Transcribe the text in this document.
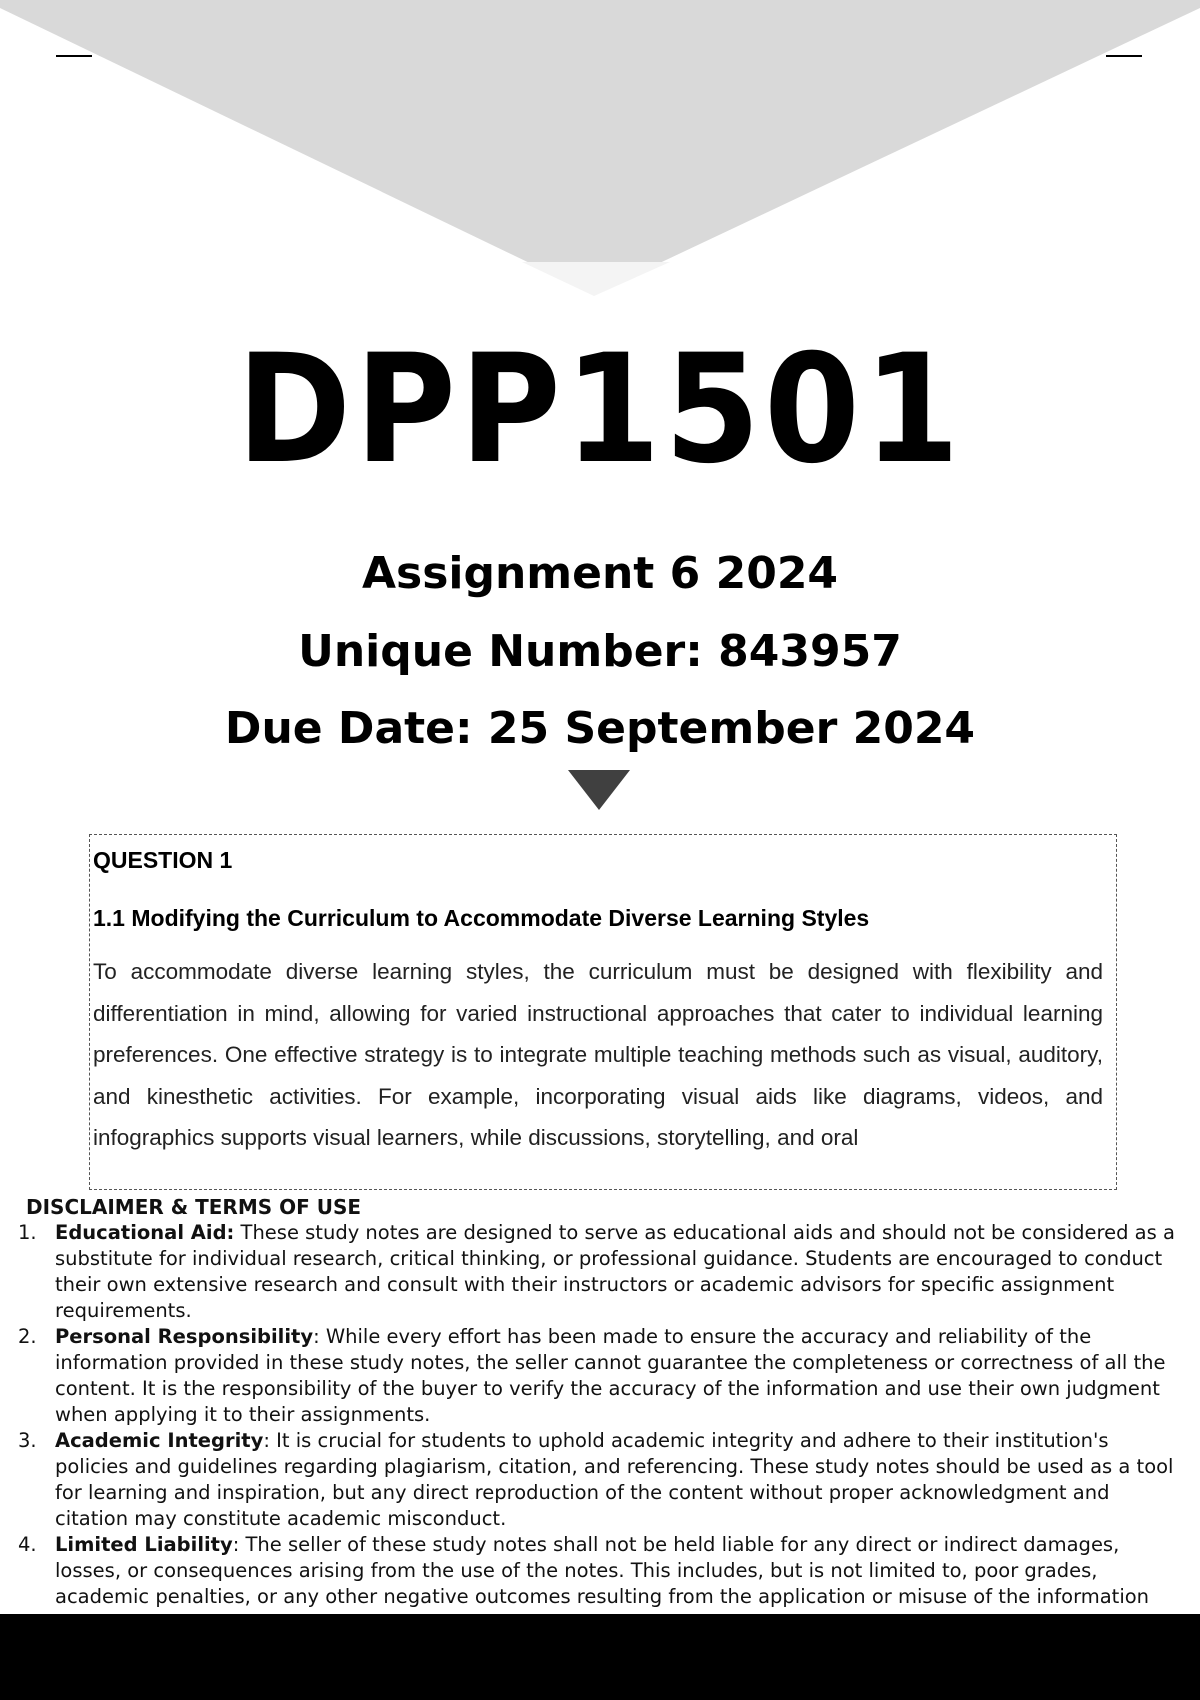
DPP1501
Assignment 6 2024
Unique Number: 843957
Due Date: 25 September 2024
QUESTION 1
1.1 Modifying the Curriculum to Accommodate Diverse Learning Styles
To accommodate diverse learning styles, the curriculum must be designed with flexibility and differentiation in mind, allowing for varied instructional approaches that cater to individual learning preferences. One effective strategy is to integrate multiple teaching methods such as visual, auditory, and kinesthetic activities. For example, incorporating visual aids like diagrams, videos, and infographics supports visual learners, while discussions, storytelling, and oral
DISCLAIMER & TERMS OF USE
1. Educational Aid: These study notes are designed to serve as educational aids and should not be considered as a substitute for individual research, critical thinking, or professional guidance. Students are encouraged to conduct their own extensive research and consult with their instructors or academic advisors for specific assignment requirements.
2. Personal Responsibility: While every effort has been made to ensure the accuracy and reliability of the information provided in these study notes, the seller cannot guarantee the completeness or correctness of all the content. It is the responsibility of the buyer to verify the accuracy of the information and use their own judgment when applying it to their assignments.
3. Academic Integrity: It is crucial for students to uphold academic integrity and adhere to their institution's policies and guidelines regarding plagiarism, citation, and referencing. These study notes should be used as a tool for learning and inspiration, but any direct reproduction of the content without proper acknowledgment and citation may constitute academic misconduct.
4. Limited Liability: The seller of these study notes shall not be held liable for any direct or indirect damages, losses, or consequences arising from the use of the notes. This includes, but is not limited to, poor grades, academic penalties, or any other negative outcomes resulting from the application or misuse of the information
